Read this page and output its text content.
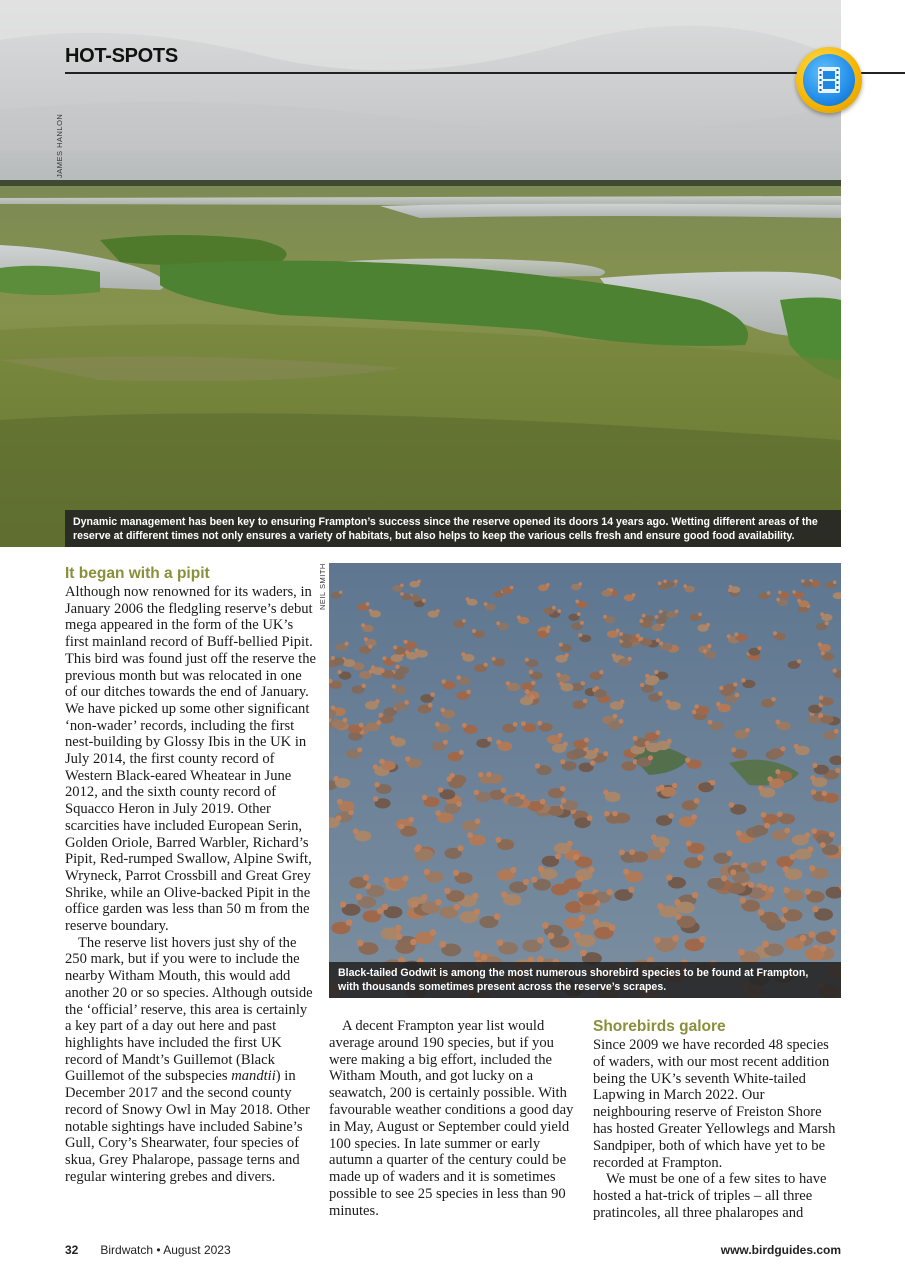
HOT-SPOTS
JAMES HANLON
Dynamic management has been key to ensuring Frampton’s success since the reserve opened its doors 14 years ago. Wetting different areas of the reserve at different times not only ensures a variety of habitats, but also helps to keep the various cells fresh and ensure good food availability.
NEIL SMITH
Black-tailed Godwit is among the most numerous shorebird species to be found at Frampton, with thousands sometimes present across the reserve’s scrapes.
It began with a pipit

Although now renowned for its waders, in January 2006 the fledgling reserve’s debut mega appeared in the form of the UK’s first mainland record of Buff-bellied Pipit. This bird was found just off the reserve the previous month but was relocated in one of our ditches towards the end of January. We have picked up some other significant ‘non-wader’ records, including the first nest-building by Glossy Ibis in the UK in July 2014, the first county record of Western Black-eared Wheatear in June 2012, and the sixth county record of Squacco Heron in July 2019. Other scarcities have included European Serin, Golden Oriole, Barred Warbler, Richard’s Pipit, Red-rumped Swallow, Alpine Swift, Wryneck, Parrot Crossbill and Great Grey Shrike, while an Olive-backed Pipit in the office garden was less than 50 m from the reserve boundary.

The reserve list hovers just shy of the 250 mark, but if you were to include the nearby Witham Mouth, this would add another 20 or so species. Although outside the ‘official’ reserve, this area is certainly a key part of a day out here and past highlights have included the first UK record of Mandt’s Guillemot (Black Guillemot of the subspecies mandtii) in December 2017 and the second county record of Snowy Owl in May 2018. Other notable sightings have included Sabine’s Gull, Cory’s Shearwater, four species of skua, Grey Phalarope, passage terns and regular wintering grebes and divers.

A decent Frampton year list would average around 190 species, but if you were making a big effort, included the Witham Mouth, and got lucky on a seawatch, 200 is certainly possible. With favourable weather conditions a good day in May, August or September could yield 100 species. In late summer or early autumn a quarter of the century could be made up of waders and it is sometimes possible to see 25 species in less than 90 minutes.

Shorebirds galore

Since 2009 we have recorded 48 species of waders, with our most recent addition being the UK’s seventh White-tailed Lapwing in March 2022. Our neighbouring reserve of Freiston Shore has hosted Greater Yellowlegs and Marsh Sandpiper, both of which have yet to be recorded at Frampton.

We must be one of a few sites to have hosted a hat-trick of triples – all three pratincoles, all three phalaropes and

32 Birdwatch • August 2023	www.birdguides.com
